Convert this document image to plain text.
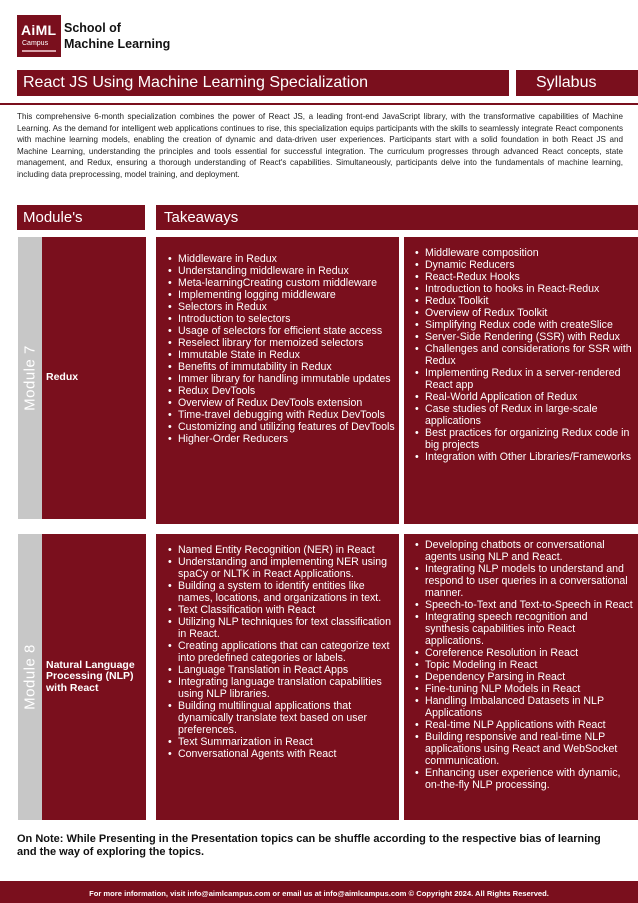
AiML
Campus
School of
Machine Learning
React JS Using Machine Learning Specialization	Syllabus

This comprehensive 6-month specialization combines the power of React JS, a leading front-end JavaScript library, with the transformative capabilities of Machine Learning. As the demand for intelligent web applications continues to rise, this specialization equips participants with the skills to seamlessly integrate React components with machine learning models, enabling the creation of dynamic and data-driven user experiences. Participants start with a solid foundation in both React JS and Machine Learning, understanding the principles and tools essential for successful integration. The curriculum progresses through advanced React concepts, state management, and Redux, ensuring a thorough understanding of React's capabilities. Simultaneously, participants delve into the fundamentals of machine learning, including data preprocessing, model training, and deployment.

Module's	Takeaways
Module 7 Redux
• Middleware in Redux
• Understanding middleware in Redux
• Meta-learningCreating custom middleware
• Implementing logging middleware
• Selectors in Redux
• Introduction to selectors
• Usage of selectors for efficient state access
• Reselect library for memoized selectors
• Immutable State in Redux
• Benefits of immutability in Redux
• Immer library for handling immutable updates
• Redux DevTools
• Overview of Redux DevTools extension
• Time-travel debugging with Redux DevTools
• Customizing and utilizing features of DevTools
• Higher-Order Reducers
• Middleware composition
• Dynamic Reducers
• React-Redux Hooks
• Introduction to hooks in React-Redux
• Redux Toolkit
• Overview of Redux Toolkit
• Simplifying Redux code with createSlice
• Server-Side Rendering (SSR) with Redux
• Challenges and considerations for SSR with Redux
• Implementing Redux in a server-rendered React app
• Real-World Application of Redux
• Case studies of Redux in large-scale applications
• Best practices for organizing Redux code in big projects
• Integration with Other Libraries/Frameworks
Module 8 Natural Language Processing (NLP) with React
• Named Entity Recognition (NER) in React
• Understanding and implementing NER using spaCy or NLTK in React Applications.
• Building a system to identify entities like names, locations, and organizations in text.
• Text Classification with React
• Utilizing NLP techniques for text classification in React.
• Creating applications that can categorize text into predefined categories or labels.
• Language Translation in React Apps
• Integrating language translation capabilities using NLP libraries.
• Building multilingual applications that dynamically translate text based on user preferences.
• Text Summarization in React
• Conversational Agents with React
• Developing chatbots or conversational agents using NLP and React.
• Integrating NLP models to understand and respond to user queries in a conversational manner.
• Speech-to-Text and Text-to-Speech in React
• Integrating speech recognition and synthesis capabilities into React applications.
• Coreference Resolution in React
• Topic Modeling in React
• Dependency Parsing in React
• Fine-tuning NLP Models in React
• Handling Imbalanced Datasets in NLP Applications
• Real-time NLP Applications with React
• Building responsive and real-time NLP applications using React and WebSocket communication.
• Enhancing user experience with dynamic, on-the-fly NLP processing.

On Note: While Presenting in the Presentation topics can be shuffle according to the respective bias of learning and the way of exploring the topics.

For more information, visit info@aimlcampus.com or email us at info@aimlcampus.com © Copyright 2024. All Rights Reserved.
